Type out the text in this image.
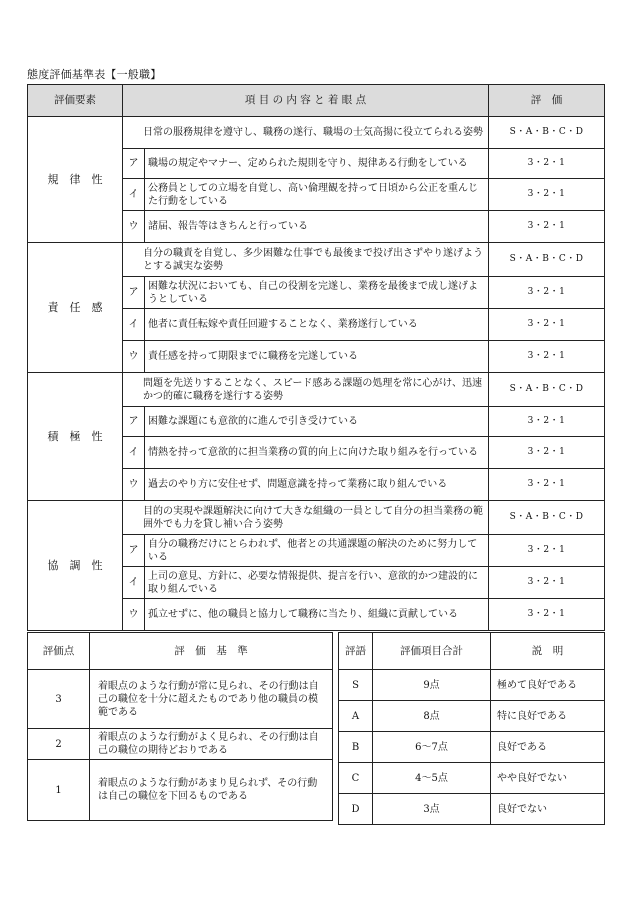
態度評価基準表【一般職】
評価要素	項 目 の 内 容 と 着 眼 点		評　価
規　律　性	日常の服務規律を遵守し、職務の遂行、職場の士気高揚に役立てられる姿勢		S・A・B・C・D
	ア	職場の規定やマナー、定められた規則を守り、規律ある行動をしている	3・2・1
	イ	公務員としての立場を自覚し、高い倫理観を持って日頃から公正を重んじた行動をしている	3・2・1
	ウ	諸届、報告等はきちんと行っている	3・2・1
責　任　感	自分の職責を自覚し、多少困難な仕事でも最後まで投げ出さずやり遂げようとする誠実な姿勢		S・A・B・C・D
	ア	困難な状況においても、自己の役割を完遂し、業務を最後まで成し遂げようとしている	3・2・1
	イ	他者に責任転嫁や責任回避することなく、業務遂行している	3・2・1
	ウ	責任感を持って期限までに職務を完遂している	3・2・1
積　極　性	問題を先送りすることなく、スピード感ある課題の処理を常に心がけ、迅速かつ的確に職務を遂行する姿勢		S・A・B・C・D
	ア	困難な課題にも意欲的に進んで引き受けている	3・2・1
	イ	情熱を持って意欲的に担当業務の質的向上に向けた取り組みを行っている	3・2・1
	ウ	過去のやり方に安住せず、問題意識を持って業務に取り組んでいる	3・2・1
協　調　性	目的の実現や課題解決に向けて大きな組織の一員として自分の担当業務の範囲外でも力を貸し補い合う姿勢		S・A・B・C・D
	ア	自分の職務だけにとらわれず、他者との共通課題の解決のために努力している	3・2・1
	イ	上司の意見、方針に、必要な情報提供、提言を行い、意欲的かつ建設的に取り組んでいる	3・2・1
	ウ	孤立せずに、他の職員と協力して職務に当たり、組織に貢献している	3・2・1
評価点	評　価　基　準
3	着眼点のような行動が常に見られ、その行動は自己の職位を十分に超えたものであり他の職員の模範である
2	着眼点のような行動がよく見られ、その行動は自己の職位の期待どおりである
1	着眼点のような行動があまり見られず、その行動は自己の職位を下回るものである
評語	評価項目合計	説　明
S	9点	極めて良好である
A	8点	特に良好である
B	6～7点	良好である
C	4～5点	やや良好でない
D	3点	良好でない
